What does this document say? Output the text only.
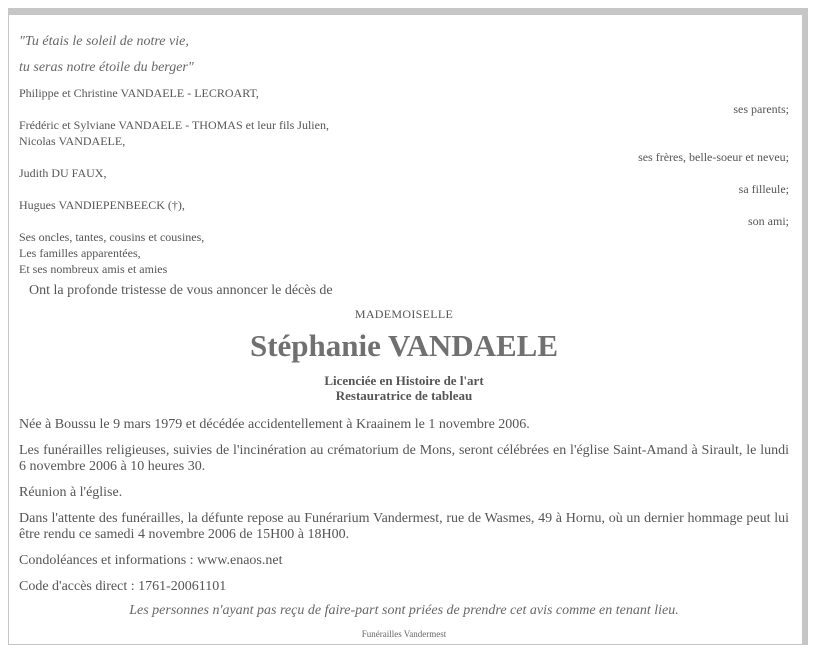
"Tu étais le soleil de notre vie,
tu seras notre étoile du berger"
Philippe et Christine VANDAELE - LECROART,
ses parents;
Frédéric et Sylviane VANDAELE - THOMAS et leur fils Julien,
Nicolas VANDAELE,
ses frères, belle-soeur et neveu;
Judith DU FAUX,
sa filleule;
Hugues VANDIEPENBEECK (†),
son ami;
Ses oncles, tantes, cousins et cousines,
Les familles apparentées,
Et ses nombreux amis et amies
Ont la profonde tristesse de vous annoncer le décès de
MADEMOISELLE
Stéphanie VANDAELE
Licenciée en Histoire de l'art
Restauratrice de tableau
Née à Boussu le 9 mars 1979 et décédée accidentellement à Kraainem le 1 novembre 2006.
Les funérailles religieuses, suivies de l'incinération au crématorium de Mons, seront célébrées en l'église Saint-Amand à Sirault, le lundi 6 novembre 2006 à 10 heures 30.
Réunion à l'église.
Dans l'attente des funérailles, la défunte repose au Funérarium Vandermest, rue de Wasmes, 49 à Hornu, où un dernier hommage peut lui être rendu ce samedi 4 novembre 2006 de 15H00 à 18H00.
Condoléances et informations : www.enaos.net
Code d'accès direct : 1761-20061101
Les personnes n'ayant pas reçu de faire-part sont priées de prendre cet avis comme en tenant lieu.
Funérailles Vandermest
